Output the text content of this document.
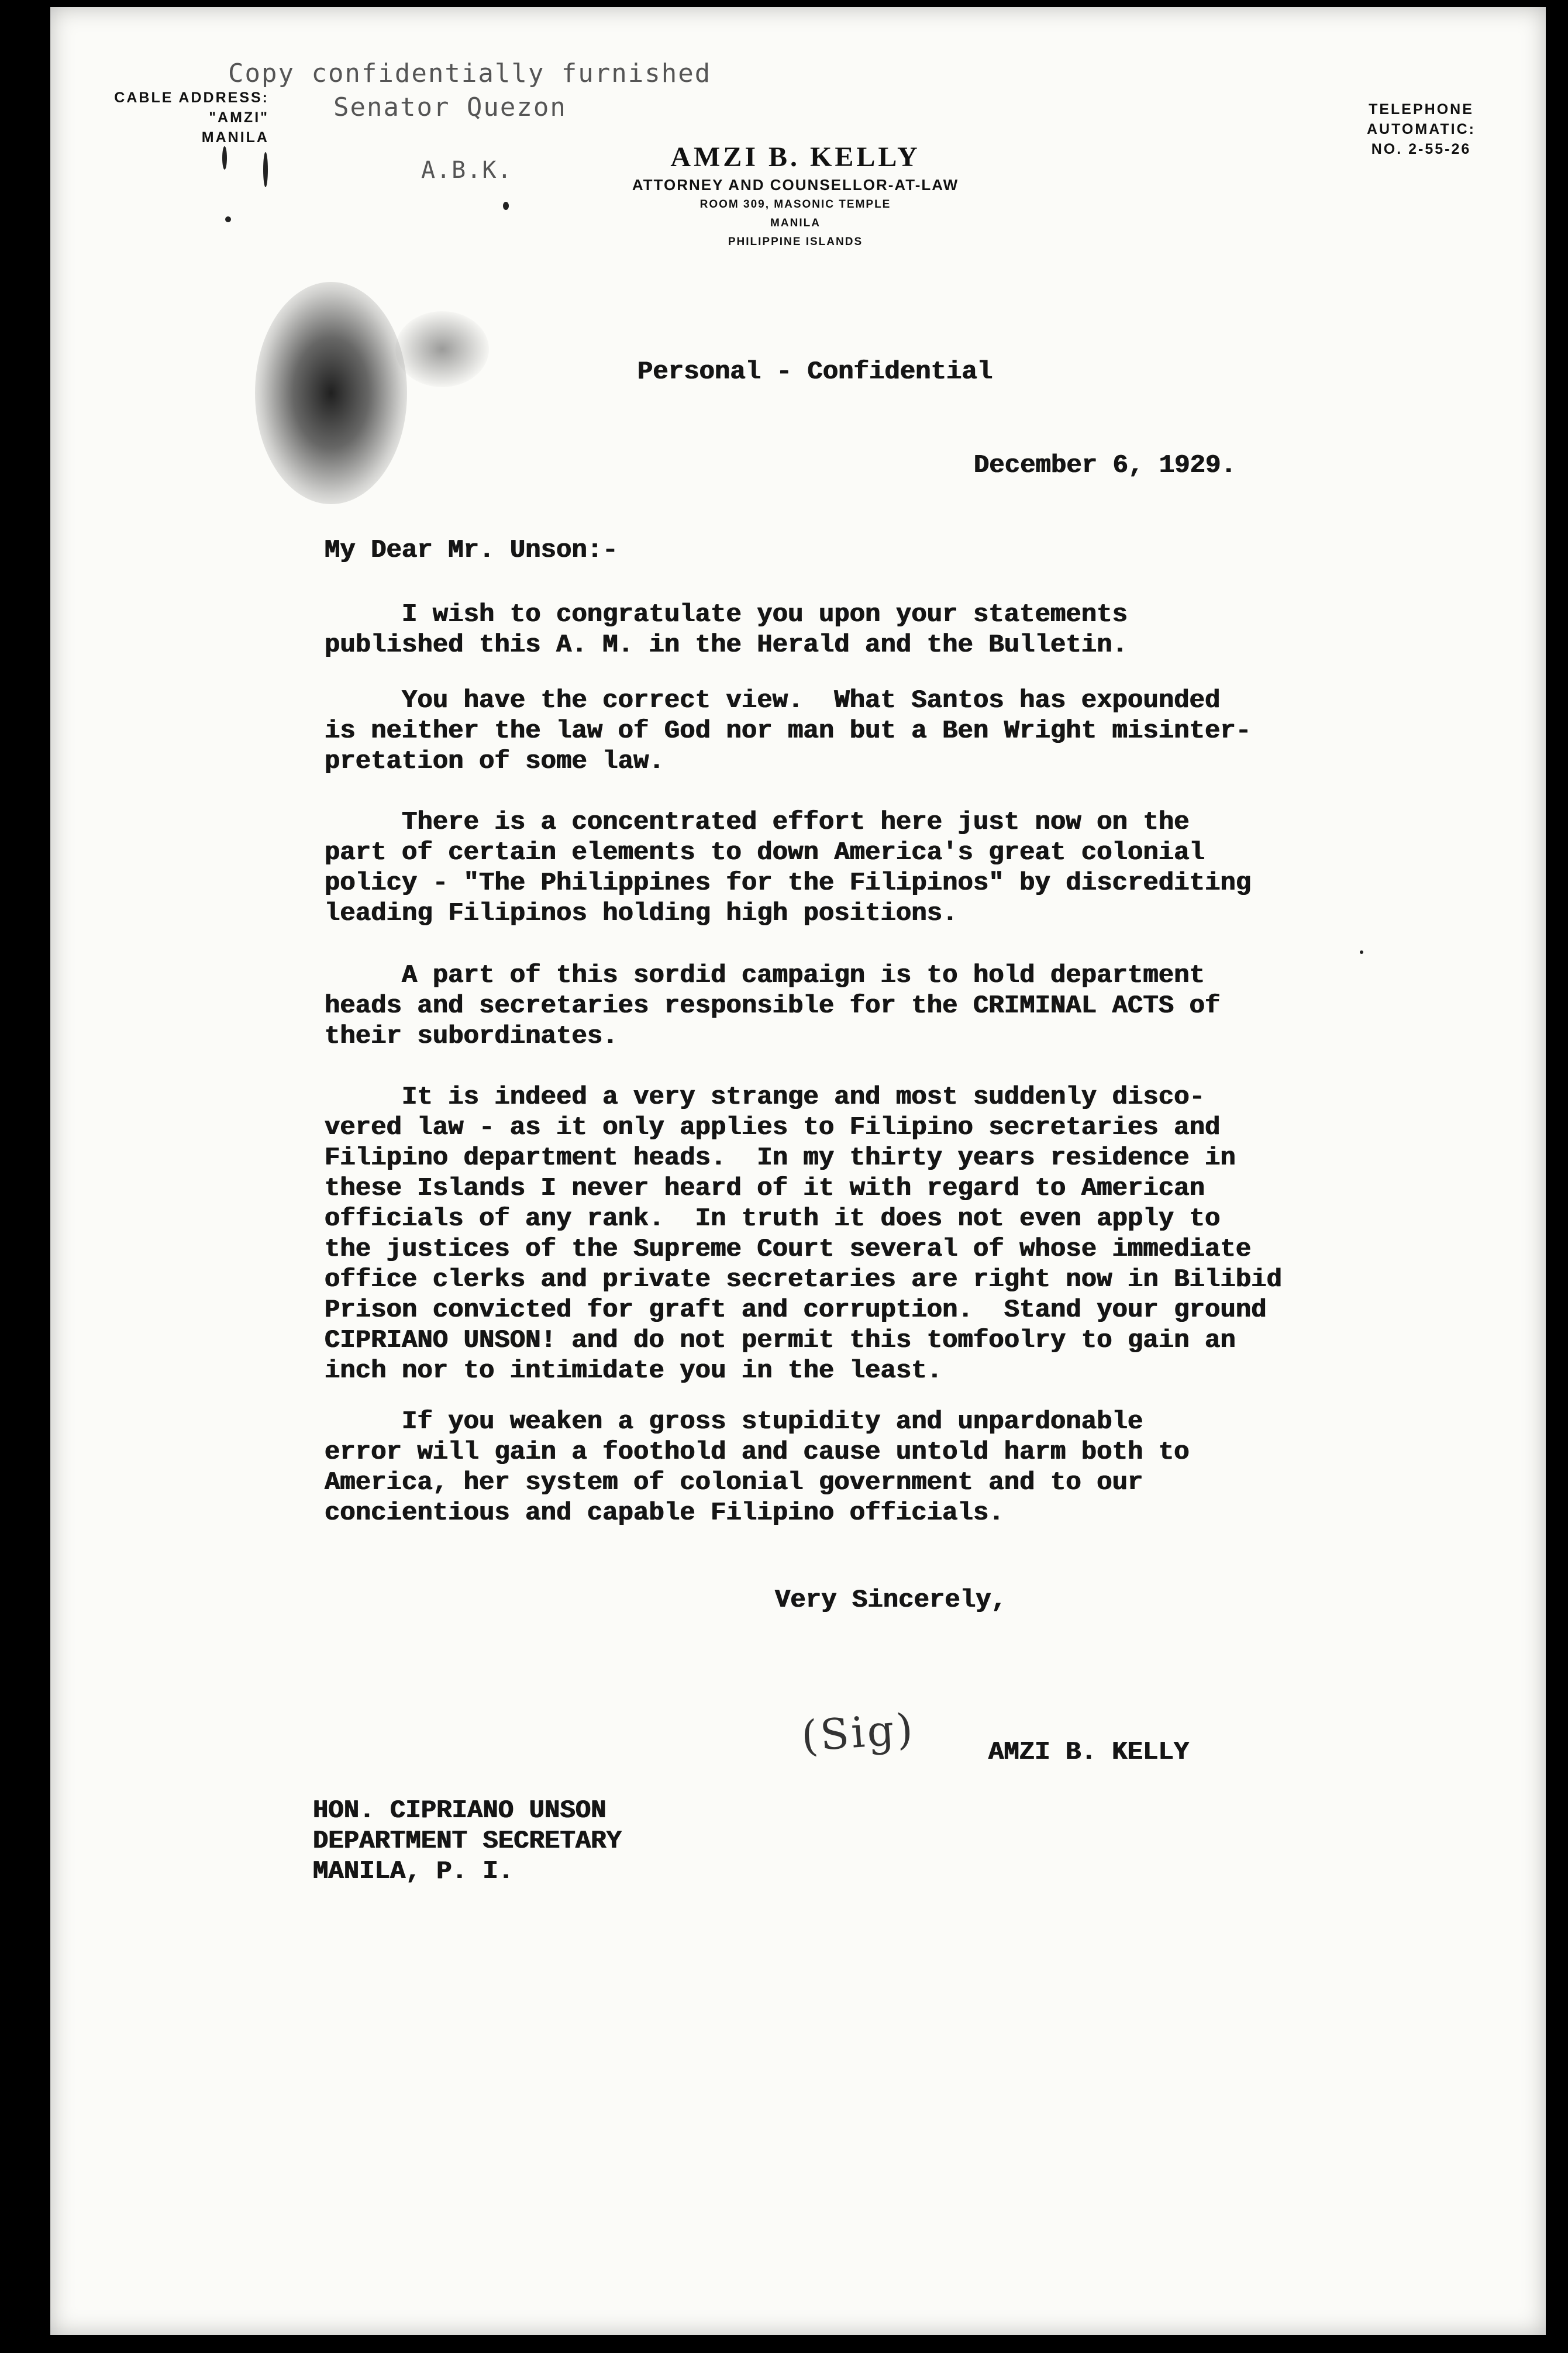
Copy confidentially furnished
Senator Quezon
A.B.K.
CABLE ADDRESS:
"AMZI"
MANILA
TELEPHONE
AUTOMATIC:
NO. 2-55-26
AMZI B. KELLY
ATTORNEY AND COUNSELLOR-AT-LAW
ROOM 309, MASONIC TEMPLE
MANILA
PHILIPPINE ISLANDS
Personal - Confidential
December 6, 1929.
My Dear Mr. Unson:-
I wish to congratulate you upon your statements
published this A. M. in the Herald and the Bulletin.
You have the correct view.  What Santos has expounded
is neither the law of God nor man but a Ben Wright misinter-
pretation of some law.
There is a concentrated effort here just now on the
part of certain elements to down America's great colonial
policy - "The Philippines for the Filipinos" by discrediting
leading Filipinos holding high positions.
A part of this sordid campaign is to hold department
heads and secretaries responsible for the CRIMINAL ACTS of
their subordinates.
It is indeed a very strange and most suddenly disco-
vered law - as it only applies to Filipino secretaries and
Filipino department heads.  In my thirty years residence in
these Islands I never heard of it with regard to American
officials of any rank.  In truth it does not even apply to
the justices of the Supreme Court several of whose immediate
office clerks and private secretaries are right now in Bilibid
Prison convicted for graft and corruption.  Stand your ground
CIPRIANO UNSON! and do not permit this tomfoolry to gain an
inch nor to intimidate you in the least.
If you weaken a gross stupidity and unpardonable
error will gain a foothold and cause untold harm both to
America, her system of colonial government and to our
concientious and capable Filipino officials.
Very Sincerely,
(Sig)	AMZI B. KELLY
HON. CIPRIANO UNSON
DEPARTMENT SECRETARY
MANILA, P. I.
